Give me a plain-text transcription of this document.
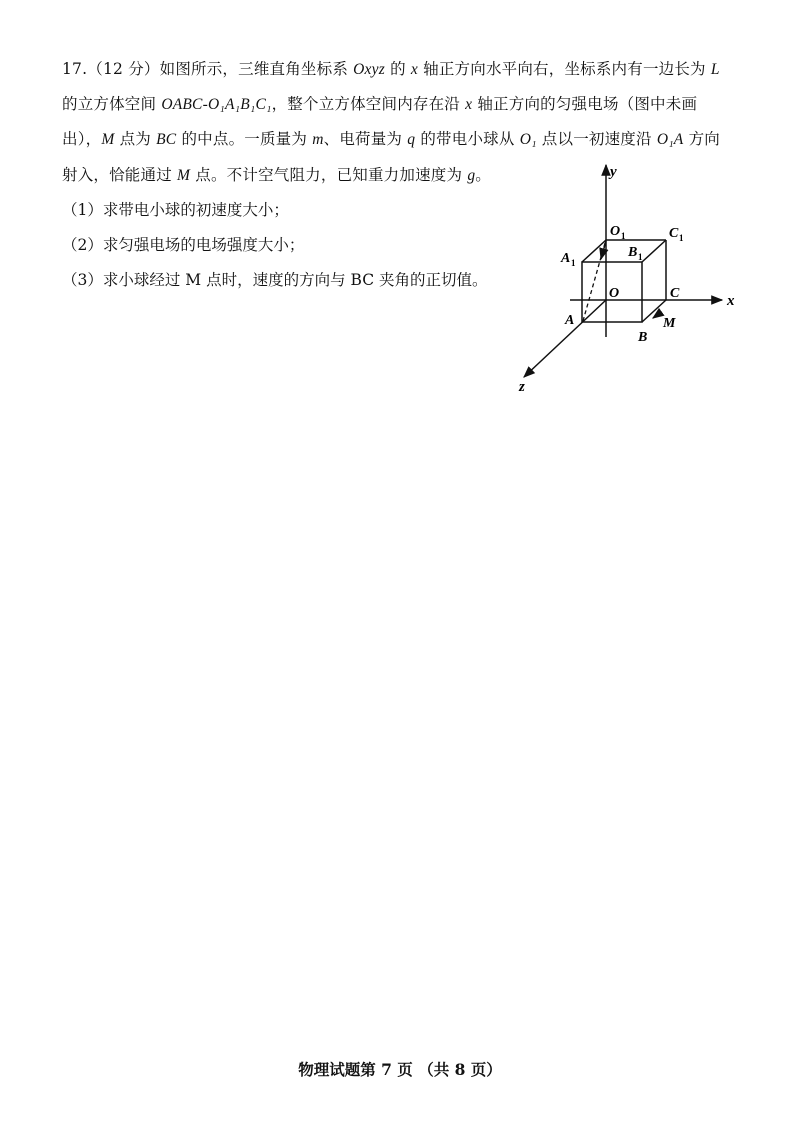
17.（12 分）如图所示，三维直角坐标系 Oxyz 的 x 轴正方向水平向右，坐标系内有一边长为 L
的立方体空间 OABC-O₁A₁B₁C₁，整个立方体空间内存在沿 x 轴正方向的匀强电场（图中未画
出），M 点为 BC 的中点。一质量为 m、电荷量为 q 的带电小球从 O₁ 点以一初速度沿 O₁A 方向
射入，恰能通过 M 点。不计空气阻力，已知重力加速度为 g。
（1）求带电小球的初速度大小；
（2）求匀强电场的电场强度大小；
（3）求小球经过 M 点时，速度的方向与 BC 夹角的正切值。
y
x
z
O 1	C 1
A 1
B 1
O	C
A	M
B
物理试题第 7 页 （共 8 页）
